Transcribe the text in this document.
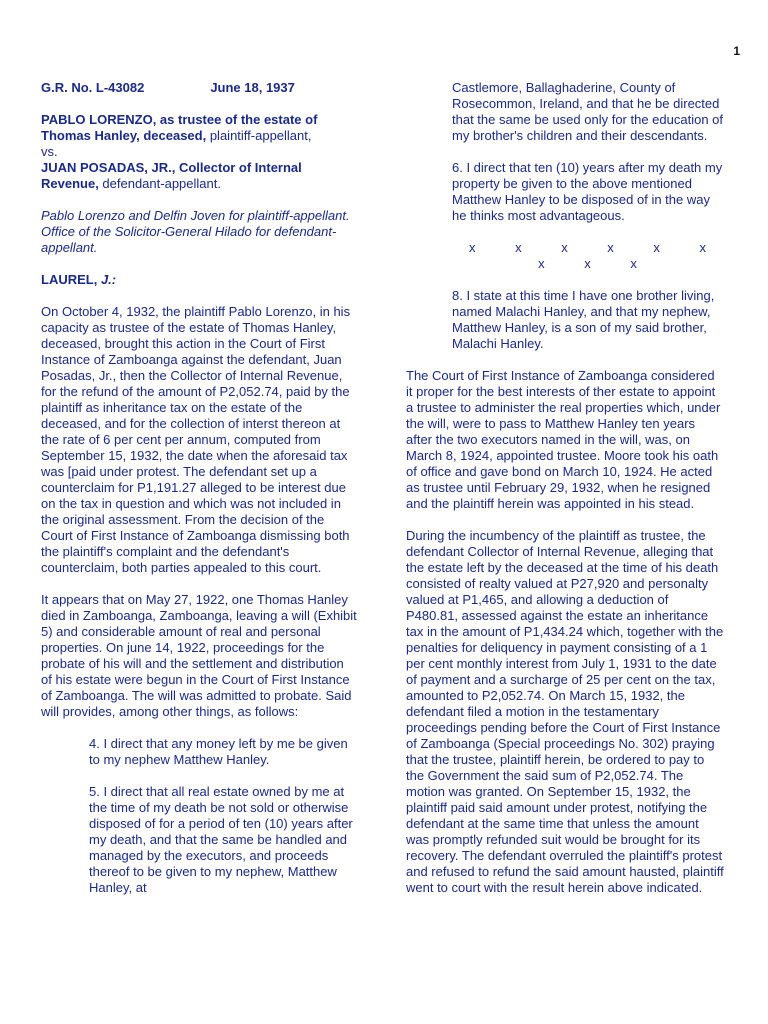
1
G.R. No. L-43082	June 18, 1937

PABLO LORENZO, as trustee of the estate of Thomas Hanley, deceased, plaintiff-appellant,
vs.
JUAN POSADAS, JR., Collector of Internal Revenue, defendant-appellant.

Pablo Lorenzo and Delfin Joven for plaintiff-appellant.
Office of the Solicitor-General Hilado for defendant-appellant.

LAUREL, J.:

On October 4, 1932, the plaintiff Pablo Lorenzo, in his capacity as trustee of the estate of Thomas Hanley, deceased, brought this action in the Court of First Instance of Zamboanga against the defendant, Juan Posadas, Jr., then the Collector of Internal Revenue, for the refund of the amount of P2,052.74, paid by the plaintiff as inheritance tax on the estate of the deceased, and for the collection of interst thereon at the rate of 6 per cent per annum, computed from September 15, 1932, the date when the aforesaid tax was [paid under protest. The defendant set up a counterclaim for P1,191.27 alleged to be interest due on the tax in question and which was not included in the original assessment. From the decision of the Court of First Instance of Zamboanga dismissing both the plaintiff's complaint and the defendant's counterclaim, both parties appealed to this court.

It appears that on May 27, 1922, one Thomas Hanley died in Zamboanga, Zamboanga, leaving a will (Exhibit 5) and considerable amount of real and personal properties. On june 14, 1922, proceedings for the probate of his will and the settlement and distribution of his estate were begun in the Court of First Instance of Zamboanga. The will was admitted to probate. Said will provides, among other things, as follows:

4. I direct that any money left by me be given to my nephew Matthew Hanley.

5. I direct that all real estate owned by me at the time of my death be not sold or otherwise disposed of for a period of ten (10) years after my death, and that the same be handled and managed by the executors, and proceeds thereof to be given to my nephew, Matthew Hanley, at

Castlemore, Ballaghaderine, County of Rosecommon, Ireland, and that he be directed that the same be used only for the education of my brother's children and their descendants.

6. I direct that ten (10) years after my death my property be given to the above mentioned Matthew Hanley to be disposed of in the way he thinks most advantageous.

x x x x x x x x x

8. I state at this time I have one brother living, named Malachi Hanley, and that my nephew, Matthew Hanley, is a son of my said brother, Malachi Hanley.

The Court of First Instance of Zamboanga considered it proper for the best interests of ther estate to appoint a trustee to administer the real properties which, under the will, were to pass to Matthew Hanley ten years after the two executors named in the will, was, on March 8, 1924, appointed trustee. Moore took his oath of office and gave bond on March 10, 1924. He acted as trustee until February 29, 1932, when he resigned and the plaintiff herein was appointed in his stead.

During the incumbency of the plaintiff as trustee, the defendant Collector of Internal Revenue, alleging that the estate left by the deceased at the time of his death consisted of realty valued at P27,920 and personalty valued at P1,465, and allowing a deduction of P480.81, assessed against the estate an inheritance tax in the amount of P1,434.24 which, together with the penalties for deliquency in payment consisting of a 1 per cent monthly interest from July 1, 1931 to the date of payment and a surcharge of 25 per cent on the tax, amounted to P2,052.74. On March 15, 1932, the defendant filed a motion in the testamentary proceedings pending before the Court of First Instance of Zamboanga (Special proceedings No. 302) praying that the trustee, plaintiff herein, be ordered to pay to the Government the said sum of P2,052.74. The motion was granted. On September 15, 1932, the plaintiff paid said amount under protest, notifying the defendant at the same time that unless the amount was promptly refunded suit would be brought for its recovery. The defendant overruled the plaintiff's protest and refused to refund the said amount hausted, plaintiff went to court with the result herein above indicated.
